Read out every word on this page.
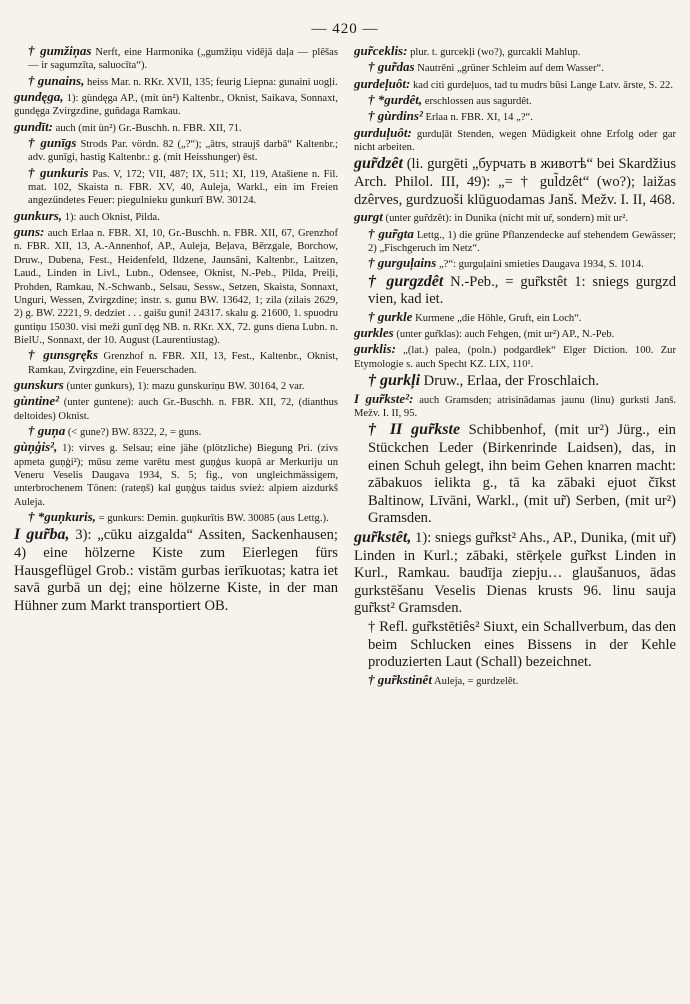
— 420 —

† gumžiņas Nerft, eine Harmonika („gumžiņu vidējā daļa — plēšas — ir sagumzīta, saluocīta“).

† gunains, heiss Mar. n. RKr. XVII, 135; feurig Liepna: gunaini uogļi.

gundęga, 1): gùndęga AP., (mit ùn²) Kaltenbr., Oknist, Saikava, Sonnaxt, gundęga Zvirgzdine, guñdaga Ramkau.

gundīt: auch (mit ùn²) Gr.-Buschh. n. FBR. XII, 71.

† gunīgs Strods Par. vördn. 82 („?“); „ātrs, straujš darbā“ Kaltenbr.; adv. gunīgi, hastig Kaltenbr.: g. (mit Heisshunger) ēst.

† gunkuris Pas. V, 172; VII, 487; IX, 511; XI, 119, Atašiene n. Fil. mat. 102, Skaista n. FBR. XV, 40, Auleja, Warkl., ein im Freien angezündetes Feuer: piegulnieku gunkurī BW. 30124.

gunkurs, 1): auch Oknist, Pilda.

guns: auch Erlaa n. FBR. XI, 10, Gr.-Buschh. n. FBR. XII, 67, Grenzhof n. FBR. XII, 13, A.-Annenhof, AP., Auleja, Beļava, Bērzgale, Borchow, Druw., Dubena, Fest., Heidenfeld, Ildzene, Jaunsāni, Kaltenbr., Laitzen, Laud., Linden in Livl., Lubn., Odensee, Oknist, N.-Peb., Pilda, Preiļi, Prohden, Ramkau, N.-Schwanb., Selsau, Sessw., Setzen, Skaista, Sonnaxt, Unguri, Wessen, Zvirgzdine; instr. s. gunu BW. 13642, 1; zila (zilais 2629, 2) g. BW. 2221, 9. dedziet . . . gaišu guni! 24317. skalu g. 21600, 1. spuodru guntiņu 15030. visi meži gunī dęg NB. n. RKr. XX, 72. guns diena Lubn. n. BielU., Sonnaxt, der 10. August (Laurentiustag).

† gunsgrę̃ks Grenzhof n. FBR. XII, 13, Fest., Kaltenbr., Oknist, Ramkau, Zvirgzdine, ein Feuerschaden.

gunskurs (unter gunkurs), 1): mazu gunskuriņu BW. 30164, 2 var.

gùntine² (unter guntene): auch Gr.-Buschh. n. FBR. XII, 72, (dianthus deltoides) Oknist.

† guņa (< gune?) BW. 8322, 2, = guns.

gùņģis², 1): virves g. Selsau; eine jähe (plötzliche) Biegung Pri. (zivs apmeta guņģi²); mūsu zeme varētu mest guņģus kuopā ar Merkuriju un Veneru Veselis Daugava 1934, S. 5; fig., von ungleichmässigem, unterbrochenem Tönen: (rateņš) kal guņģus taidus svież: alpiem aizdurkš Auleja.

† *guņkuris, = gunkurs: Demin. guņkurītis BW. 30085 (aus Lettg.).

I gur̃ba, 3): „cūku aizgalda“ Assiten, Sackenhausen; 4) eine hölzerne Kiste zum Eierlegen fürs Hausgeflügel Grob.: vistām gurbas ierīkuotas; katra iet savā gurbā un dęj; eine hölzerne Kiste, in der man Hühner zum Markt transportiert OB.

gur̃ceklis: plur. t. gurcekļi (wo?), gurcakli Mahlup.

† gur̃das Nautrēni „grüner Schleim auf dem Wasser“.

gurdeļuôt: kad citi gurdeļuos, tad tu mudrs būsi Lange Latv. ārste, S. 22.

† *gurdêt, erschlossen aus sagurdêt.

† gùrdins² Erlaa n. FBR. XI, 14 „?“.

gurduļuôt: gurduļāt Stenden, wegen Müdigkeit ohne Erfolg oder gar nicht arbeiten.

gur̃dzêt (li. gurgēti „бурчать в животѣ“ bei Skardžius Arch. Philol. III, 49): „= † gul̃dzêt“ (wo?); laižas dzêrves, gurdzuoši klūguodamas Janš. Mežv. I. II, 468.

gurgt (unter gur̃dzêt): in Dunika (nicht mit ur̃, sondern) mit ur².

† gur̃gta Lettg., 1) die grüne Pflanzendecke auf stehendem Gewässer; 2) „Fischgeruch im Netz“.

† gurguļains „?“: gurguļaini smieties Daugava 1934, S. 1014.

† gurgzdêt N.-Peb., = gur̃kstêt 1: sniegs gurgzd vien, kad iet.

† gurkle Kurmene „die Höhle, Gruft, ein Loch“.

gurkles (unter gur̃klas): auch Fehgen, (mit ur²) AP., N.-Peb.

gurklis: „(lat.) palea, (poln.) podgardłek“ Elger Diction. 100. Zur Etymologie s. auch Specht KZ. LIX, 110¹.

† gurkļi Druw., Erlaa, der Froschlaich.

I gur̃kste²: auch Gramsden; atrisinādamas jaunu (linu) gurksti Janš. Mežv. I. II, 95.

† II gur̃kste Schibbenhof, (mit ur²) Jürg., ein Stückchen Leder (Birkenrinde Laidsen), das, in einen Schuh gelegt, ihn beim Gehen knarren macht: zābakuos ielikta g., tā ka zābaki ejuot čīkst Baltinow, Līvāni, Warkl., (mit ur̃) Serben, (mit ur²) Gramsden.

gur̃kstêt, 1): sniegs gur̃kst² Ahs., AP., Dunika, (mit ur̃) Linden in Kurl.; zābaki, stērķele gur̃kst Linden in Kurl., Ramkau. baudīja ziepju… glaušanuos, ādas gurkstēšanu Veselis Dienas krusts 96. linu sauja gur̃kst² Gramsden.

† Refl. gur̃kstētiês² Siuxt, ein Schallverbum, das den beim Schlucken eines Bissens in der Kehle produzierten Laut (Schall) bezeichnet.

† gur̃kstinêt Auleja, = gurdzelêt.
